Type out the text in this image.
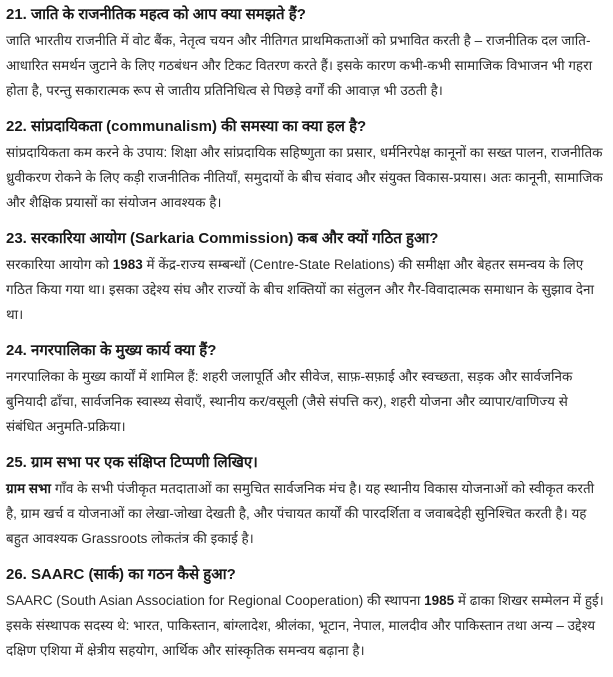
21. जाति के राजनीतिक महत्व को आप क्या समझते हैं?

जाति भारतीय राजनीति में वोट बैंक, नेतृत्व चयन और नीतिगत प्राथमिकताओं को प्रभावित करती है – राजनीतिक दल जाति-आधारित समर्थन जुटाने के लिए गठबंधन और टिकट वितरण करते हैं। इसके कारण कभी-कभी सामाजिक विभाजन भी गहरा होता है, परन्तु सकारात्मक रूप से जातीय प्रतिनिधित्व से पिछड़े वर्गों की आवाज़ भी उठती है।

22. सांप्रदायिकता (communalism) की समस्या का क्या हल है?

सांप्रदायिकता कम करने के उपाय: शिक्षा और सांप्रदायिक सहिष्णुता का प्रसार, धर्मनिरपेक्ष कानूनों का सख्त पालन, राजनीतिक ध्रुवीकरण रोकने के लिए कड़ी राजनीतिक नीतियाँ, समुदायों के बीच संवाद और संयुक्त विकास-प्रयास। अतः कानूनी, सामाजिक और शैक्षिक प्रयासों का संयोजन आवश्यक है।

23. सरकारिया आयोग (Sarkaria Commission) कब और क्यों गठित हुआ?

सरकारिया आयोग को 1983 में केंद्र-राज्य सम्बन्धों (Centre-State Relations) की समीक्षा और बेहतर समन्वय के लिए गठित किया गया था। इसका उद्देश्य संघ और राज्यों के बीच शक्तियों का संतुलन और गैर-विवादात्मक समाधान के सुझाव देना था।

24. नगरपालिका के मुख्य कार्य क्या हैं?

नगरपालिका के मुख्य कार्यों में शामिल हैं: शहरी जलापूर्ति और सीवेज, साफ़-सफ़ाई और स्वच्छता, सड़क और सार्वजनिक बुनियादी ढाँचा, सार्वजनिक स्वास्थ्य सेवाएँ, स्थानीय कर/वसूली (जैसे संपत्ति कर), शहरी योजना और व्यापार/वाणिज्य से संबंधित अनुमति-प्रक्रिया।

25. ग्राम सभा पर एक संक्षिप्त टिप्पणी लिखिए।

ग्राम सभा गाँव के सभी पंजीकृत मतदाताओं का समुचित सार्वजनिक मंच है। यह स्थानीय विकास योजनाओं को स्वीकृत करती है, ग्राम खर्च व योजनाओं का लेखा-जोखा देखती है, और पंचायत कार्यों की पारदर्शिता व जवाबदेही सुनिश्चित करती है। यह बहुत आवश्यक Grassroots लोकतंत्र की इकाई है।

26. SAARC (सार्क) का गठन कैसे हुआ?

SAARC (South Asian Association for Regional Cooperation) की स्थापना 1985 में ढाका शिखर सम्मेलन में हुई। इसके संस्थापक सदस्य थे: भारत, पाकिस्तान, बांग्लादेश, श्रीलंका, भूटान, नेपाल, मालदीव और पाकिस्तान तथा अन्य – उद्देश्य दक्षिण एशिया में क्षेत्रीय सहयोग, आर्थिक और सांस्कृतिक समन्वय बढ़ाना है।
